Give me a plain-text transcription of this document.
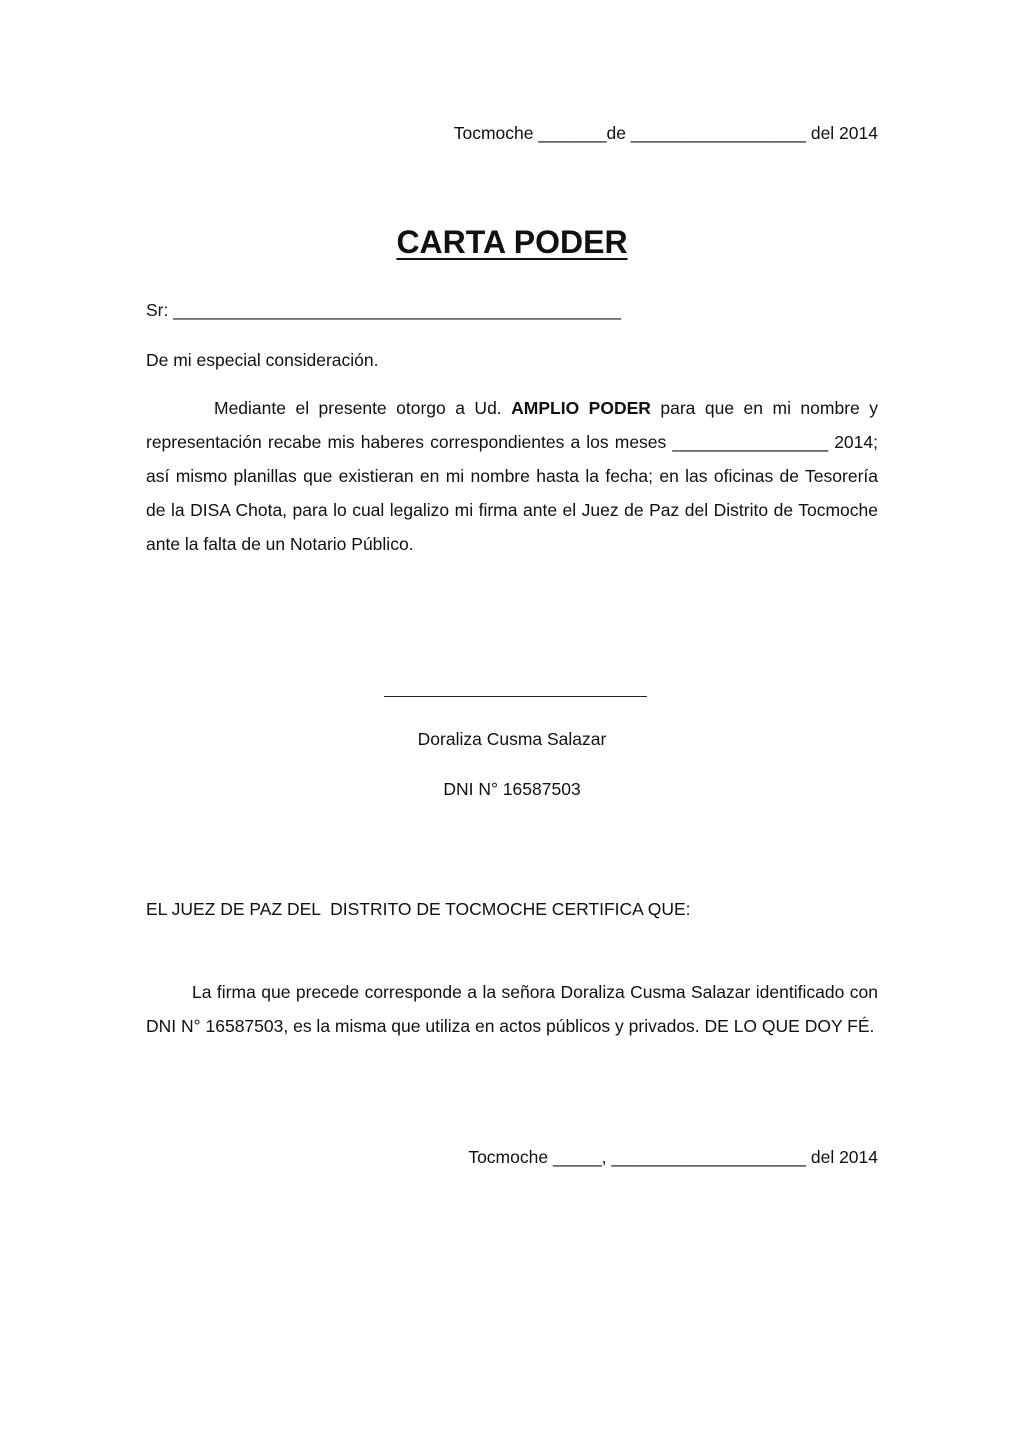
Tocmoche _______de __________________ del 2014

CARTA PODER

Sr: ______________________________________________

De mi especial consideración.

Mediante el presente otorgo a Ud. AMPLIO PODER para que en mi nombre y representación recabe mis haberes correspondientes a los meses ________________ 2014; así mismo planillas que existieran en mi nombre hasta la fecha; en las oficinas de Tesorería de la DISA Chota, para lo cual legalizo mi firma ante el Juez de Paz del Distrito de Tocmoche ante la falta de un Notario Público.

Doraliza Cusma Salazar

DNI N° 16587503

EL JUEZ DE PAZ DEL  DISTRITO DE TOCMOCHE CERTIFICA QUE:

La firma que precede corresponde a la señora Doraliza Cusma Salazar identificado con DNI N° 16587503, es la misma que utiliza en actos públicos y privados. DE LO QUE DOY FÉ.

Tocmoche _____, ____________________ del 2014
